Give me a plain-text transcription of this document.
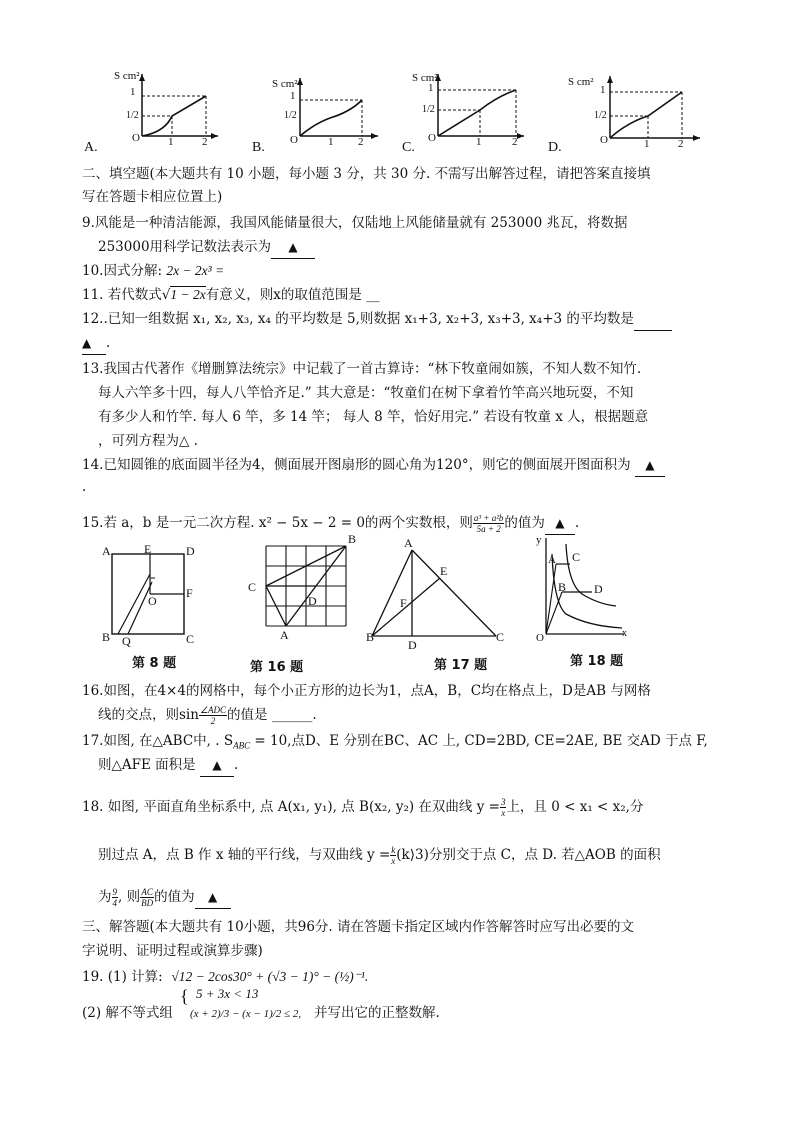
S cm²
1
1/2
O	1	2
A.
S cm²
1
1/2
O	1 2
B.
S cm²
1
1/2
O	1	2
C.
S cm²
1
1/2
O	1	2
D.
二、填空题(本大题共有 10 小题，每小题 3 分，共 30 分. 不需写出解答过程，请把答案直接填
写在答题卡相应位置上)
9.风能是一种清洁能源，我国风能储量很大，仅陆地上风能储量就有 253000 兆瓦，将数据
253000用科学记数法表示为 ▲
10.因式分解: 2x − 2x³ =
11. 若代数式√1 − 2x有意义，则x的取值范围是 __
12..已知一组数据 x₁, x₂, x₃, x₄ 的平均数是 5,则数据 x₁+3, x₂+3, x₃+3, x₄+3 的平均数是
▲ .
13.我国古代著作《增删算法统宗》中记载了一首古算诗：“林下牧童闹如簇，不知人数不知竹.
每人六竿多十四，每人八竿恰齐足.” 其大意是：“牧童们在树下拿着竹竿高兴地玩耍，不知
有多少人和竹竿. 每人 6 竿，多 14 竿； 每人 8 竿，恰好用完.” 若设有牧童 x 人，根据题意
，可列方程为△ .
14.已知圆锥的底面圆半径为4，侧面展开图扇形的圆心角为120°，则它的侧面展开图面积为 ▲
.
15.若 a，b 是一元二次方程. x² − 5x − 2 = 0的两个实数根，则 $\frac{\text{a³ + a²b}}{5a + 2}$ 的值为 ▲ .
A	E	D
O
F
B Q	C
第 8 题
B
C
D
A
第 16 题
A
E
F
B
D
C
第 17 题
y
C
B
A
D
O	x
第 18 题
16.如图，在4×4的网格中，每个小正方形的边长为1，点A，B，C均在格点上，D是AB 与网格
线的交点，则$\sin \frac{\text{∠ADC}}{2}$ 的值是 ______.
17.如图, 在△ABC中, . $S_{ABC} = 10$,点D、E 分别在BC、AC 上, CD=2BD, CE=2AE, BE 交AD 于点 F,
则△AFE 面积是 ▲ .
18. 如图, 平面直角坐标系中, 点 A(x₁, y₁), 点 B(x₂, y₂) 在双曲线 $y = \frac{3}{x}$ 上，且 0 < x₁ < x₂,分
别过点 A，点 B 作 x 轴的平行线，与双曲线 $y = \frac{k}{x}$ (k⟩3)分别交于点 C，点 D. 若△AOB 的面积
为 $\frac{9}{4}$ , 则 $\frac{AC}{BD}$ 的值为 ▲
三、解答题(本大题共有 10小题，共96分. 请在答题卡指定区域内作答解答时应写出必要的文
字说明、证明过程或演算步骤)
19. (1) 计算: √12 − 2cos30° + (√3 − 1)° − (½)⁻¹.
(2) 解不等式组
{ 5 + 3x < 13
(x + 2)/3 − (x − 1)/2 ≤ 2, 并写出它的正整数解.
